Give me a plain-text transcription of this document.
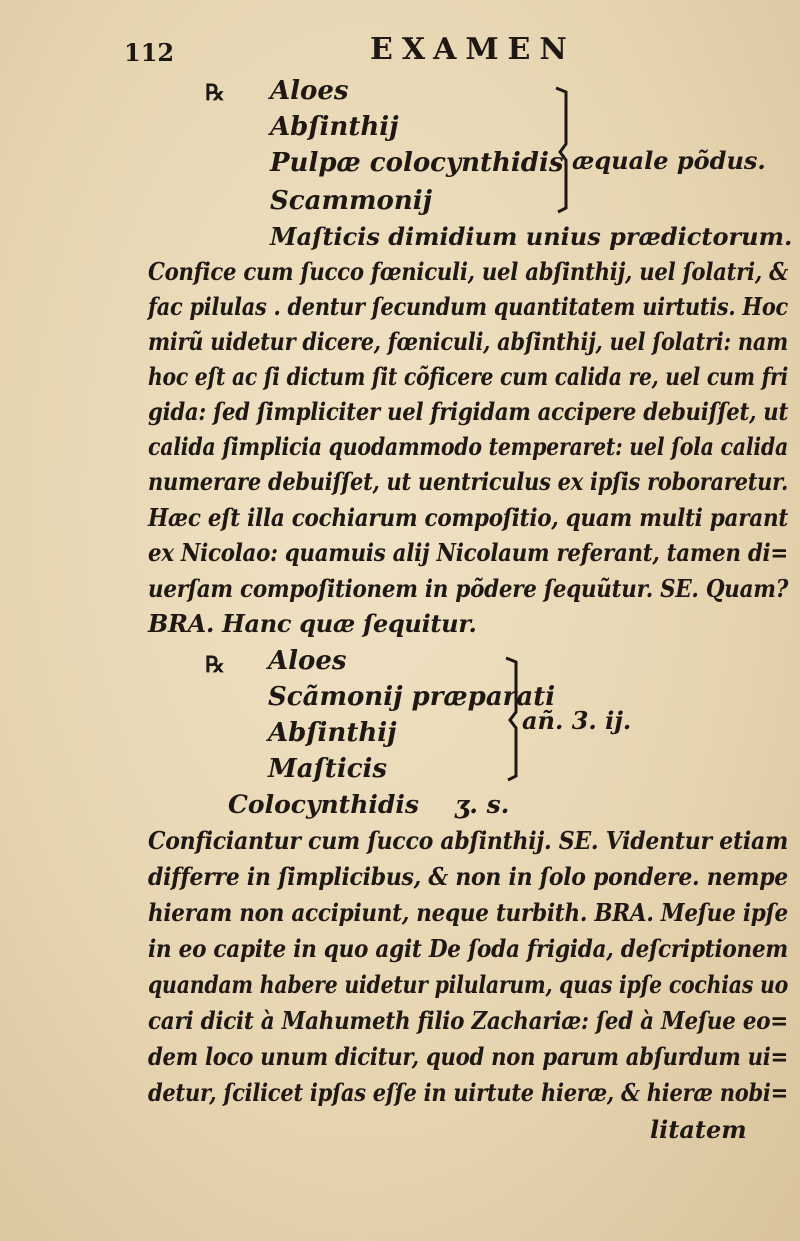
112	EXAMEN
℞ Aloes
Abſinthij
Pulpæ colocynthidis
Scammonij
æquale põdus.
Maſticis dimidium unius prædictorum.
Confice cum ſucco fœniculi, uel abſinthij, uel ſolatri, &
fac pilulas . dentur ſecundum quantitatem uirtutis. Hoc
mirũ uidetur dicere, fœniculi, abſinthij, uel ſolatri: nam
hoc eſt ac ſi dictum ſit cõficere cum calida re, uel cum fri
gida: ſed ſimpliciter uel frigidam accipere debuiſſet, ut
calida ſimplicia quodammodo temperaret: uel ſola calida
numerare debuiſſet, ut uentriculus ex ipſis roboraretur.
Hæc eſt illa cochiarum compoſitio, quam multi parant
ex Nicolao: quamuis alij Nicolaum referant, tamen di=
uerſam compoſitionem in põdere ſequũtur. SE. Quam?
BRA. Hanc quæ ſequitur.
℞ Aloes
Scãmonij præparati
Abſinthij
Maſticis
añ. 3. ij.
Colocynthidis ʒ. s.
Conficiantur cum ſucco abſinthij. SE. Videntur etiam
differre in ſimplicibus, & non in ſolo pondere. nempe
hieram non accipiunt, neque turbith. BRA. Meſue ipſe
in eo capite in quo agit De ſoda frigida, deſcriptionem
quandam habere uidetur pilularum, quas ipſe cochias uo
cari dicit à Mahumeth filio Zachariæ: ſed à Meſue eo=
dem loco unum dicitur, quod non parum abſurdum ui=
detur, ſcilicet ipſas eſſe in uirtute hieræ, & hieræ nobi=
litatem
